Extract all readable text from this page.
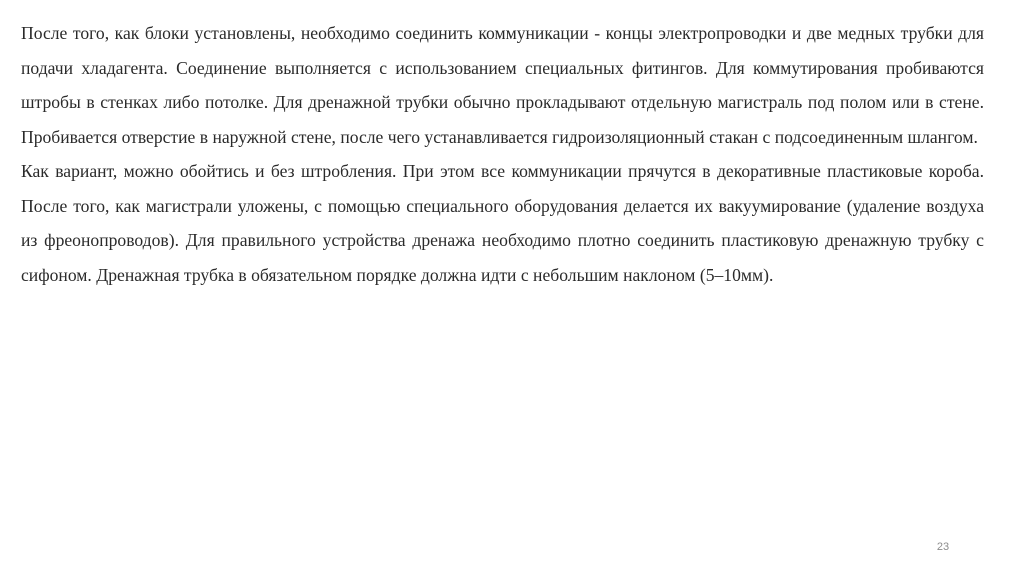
После того, как блоки установлены, необходимо соединить коммуникации - концы электропроводки и две медных трубки для подачи хладагента. Соединение выполняется с использованием специальных фитингов. Для коммутирования пробиваются штробы в стенках либо потолке. Для дренажной трубки обычно прокладывают отдельную магистраль под полом или в стене. Пробивается отверстие в наружной стене, после чего устанавливается гидроизоляционный стакан с подсоединенным шлангом.

Как вариант, можно обойтись и без штробления. При этом все коммуникации прячутся в декоративные пластиковые короба. После того, как магистрали уложены, с помощью специального оборудования делается их вакуумирование (удаление воздуха из фреонопроводов). Для правильного устройства дренажа необходимо плотно соединить пластиковую дренажную трубку с сифоном. Дренажная трубка в обязательном порядке должна идти с небольшим наклоном (5–10мм).

23
